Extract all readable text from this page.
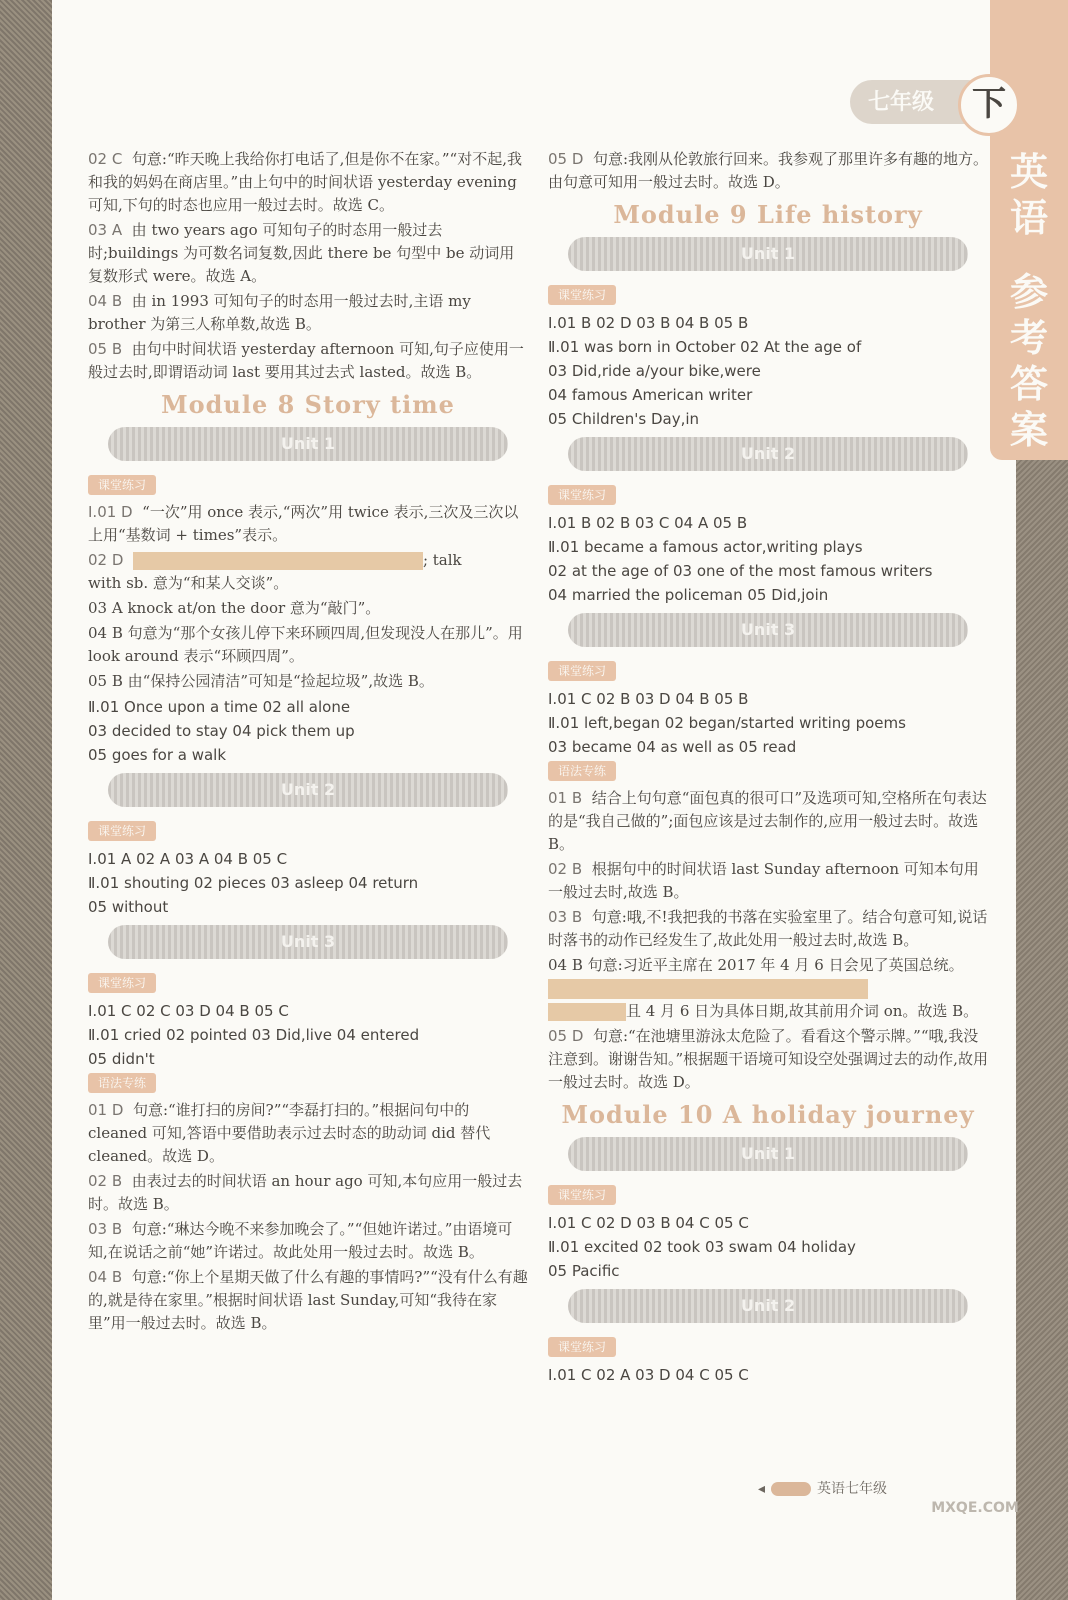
英
语
参
考
答
案
七年级	下

02 C 句意:“昨天晚上我给你打电话了,但是你不在家。”“对不起,我和我的妈妈在商店里。”由上句中的时间状语 yesterday evening 可知,下句的时态也应用一般过去时。故选 C。

03 A 由 two years ago 可知句子的时态用一般过去时;buildings 为可数名词复数,因此 there be 句型中 be 动词用复数形式 were。故选 A。

04 B 由 in 1993 可知句子的时态用一般过去时,主语 my brother 为第三人称单数,故选 B。

05 B 由句中时间状语 yesterday afternoon 可知,句子应使用一般过去时,即谓语动词 last 要用其过去式 lasted。故选 B。

Module 8 Story time
Unit 1
课堂练习

Ⅰ.01 D “一次”用 once 表示,“两次”用 twice 表示,三次及三次以上用“基数词 + times”表示。

02 D	; talk
with sb. 意为“和某人交谈”。

03 A knock at/on the door 意为“敲门”。

04 B 句意为“那个女孩儿停下来环顾四周,但发现没人在那儿”。用 look around 表示“环顾四周”。

05 B 由“保持公园清洁”可知是“捡起垃圾”,故选 B。

Ⅱ.01 Once upon a time 02 all alone
03 decided to stay 04 pick them up
05 goes for a walk
Unit 2
课堂练习
Ⅰ.01 A 02 A 03 A 04 B 05 C
Ⅱ.01 shouting 02 pieces 03 asleep 04 return
05 without
Unit 3
课堂练习
Ⅰ.01 C 02 C 03 D 04 B 05 C
Ⅱ.01 cried 02 pointed 03 Did,live 04 entered
05 didn't
语法专练

01 D 句意:“谁打扫的房间?”“李磊打扫的。”根据问句中的 cleaned 可知,答语中要借助表示过去时态的助动词 did 替代 cleaned。故选 D。

02 B 由表过去的时间状语 an hour ago 可知,本句应用一般过去时。故选 B。

03 B 句意:“琳达今晚不来参加晚会了。”“但她许诺过。”由语境可知,在说话之前“她”许诺过。故此处用一般过去时。故选 B。

04 B 句意:“你上个星期天做了什么有趣的事情吗?”“没有什么有趣的,就是待在家里。”根据时间状语 last Sunday,可知“我待在家里”用一般过去时。故选 B。

05 D 句意:我刚从伦敦旅行回来。我参观了那里许多有趣的地方。由句意可知用一般过去时。故选 D。

Module 9 Life history
Unit 1
课堂练习
Ⅰ.01 B 02 D 03 B 04 B 05 B
Ⅱ.01 was born in October 02 At the age of
03 Did,ride a/your bike,were
04 famous American writer
05 Children's Day,in
Unit 2
课堂练习
Ⅰ.01 B 02 B 03 C 04 A 05 B
Ⅱ.01 became a famous actor,writing plays
02 at the age of 03 one of the most famous writers
04 married the policeman 05 Did,join
Unit 3
课堂练习
Ⅰ.01 C 02 B 03 D 04 B 05 B
Ⅱ.01 left,began 02 began/started writing poems
03 became 04 as well as 05 read
语法专练

01 B 结合上句句意“面包真的很可口”及选项可知,空格所在句表达的是“我自己做的”;面包应该是过去制作的,应用一般过去时。故选 B。

02 B 根据句中的时间状语 last Sunday afternoon 可知本句用一般过去时,故选 B。

03 B 句意:哦,不!我把我的书落在实验室里了。结合句意可知,说话时落书的动作已经发生了,故此处用一般过去时,故选 B。

04 B 句意:习近平主席在 2017 年 4 月 6 日会见了英国总统。
且 4 月 6 日为具体日期,故其前用介词 on。故选 B。

05 D 句意:“在池塘里游泳太危险了。看看这个警示牌。”“哦,我没注意到。谢谢告知。”根据题干语境可知设空处强调过去的动作,故用一般过去时。故选 D。

Module 10 A holiday journey
Unit 1
课堂练习
Ⅰ.01 C 02 D 03 B 04 C 05 C
Ⅱ.01 excited 02 took 03 swam 04 holiday
05 Pacific
Unit 2
课堂练习
Ⅰ.01 C 02 A 03 D 04 C 05 C
◂	英语七年级
MXQE.COM
